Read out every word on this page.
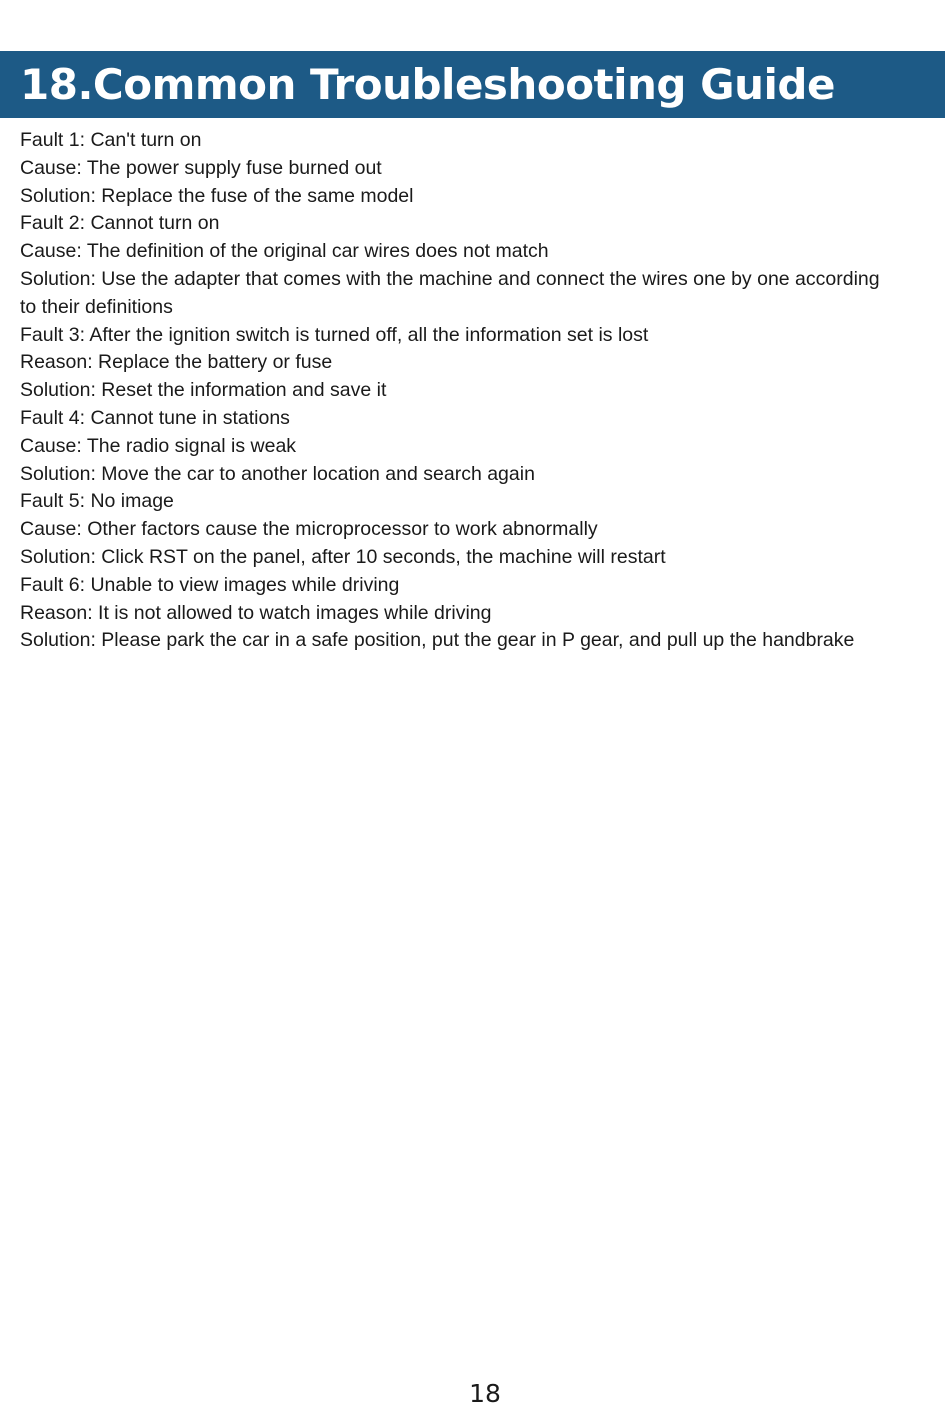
18.Common Troubleshooting Guide

Fault 1: Can't turn on

Cause: The power supply fuse burned out

Solution: Replace the fuse of the same model

Fault 2: Cannot turn on

Cause: The definition of the original car wires does not match

Solution: Use the adapter that comes with the machine and connect the wires one by one according to their definitions

Fault 3: After the ignition switch is turned off, all the information set is lost

Reason: Replace the battery or fuse

Solution: Reset the information and save it

Fault 4: Cannot tune in stations

Cause: The radio signal is weak

Solution: Move the car to another location and search again

Fault 5: No image

Cause: Other factors cause the microprocessor to work abnormally

Solution: Click RST on the panel, after 10 seconds, the machine will restart

Fault 6: Unable to view images while driving

Reason: It is not allowed to watch images while driving

Solution: Please park the car in a safe position, put the gear in P gear, and pull up the handbrake

18
